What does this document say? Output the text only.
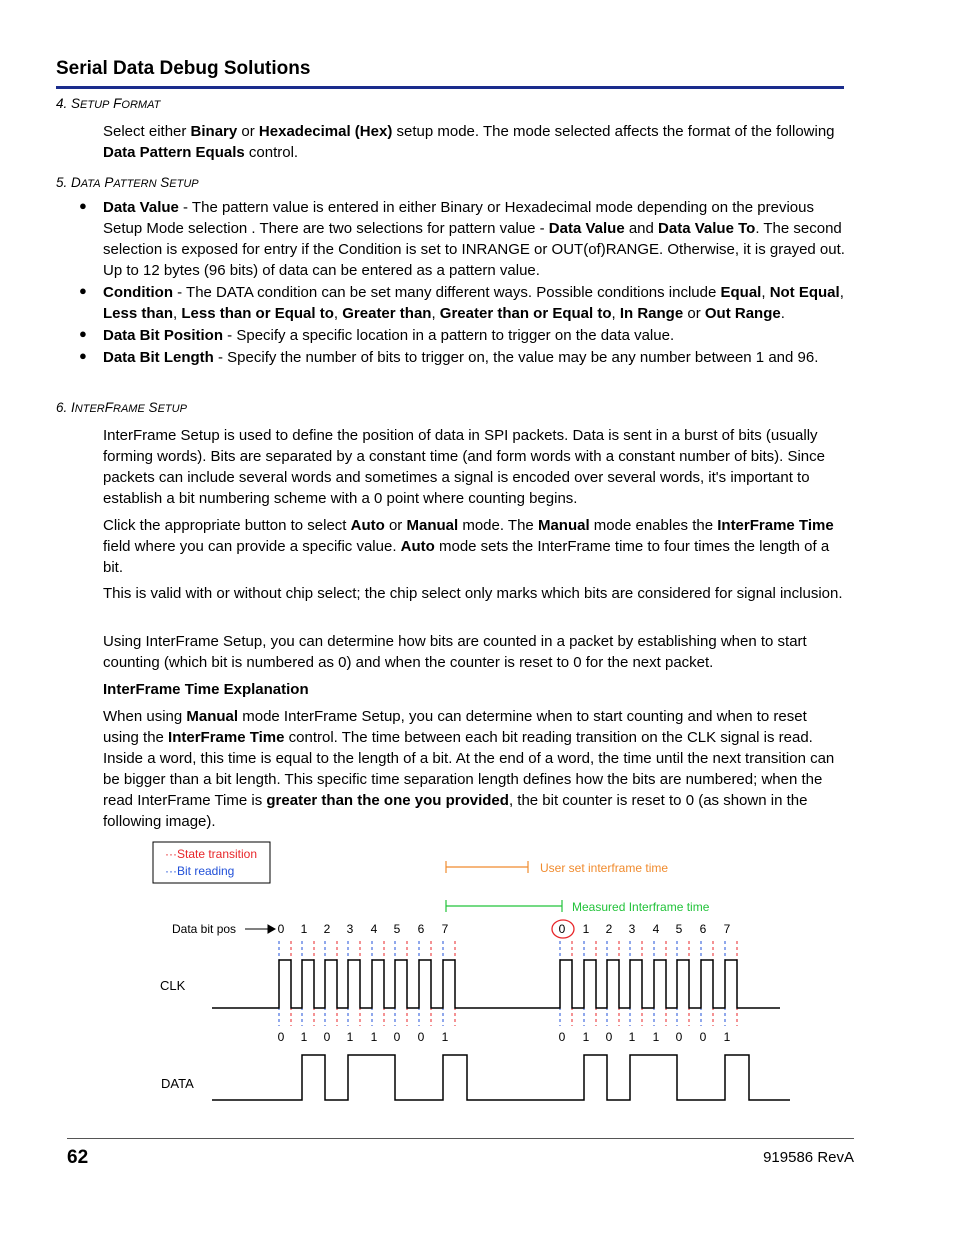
Serial Data Debug Solutions
4. SETUP FORMAT

Select either Binary or Hexadecimal (Hex) setup mode. The mode selected affects the format of the following Data Pattern Equals control.

5. DATA PATTERN SETUP
● Data Value - The pattern value is entered in either Binary or Hexadecimal mode depending on the previous Setup Mode selection . There are two selections for pattern value - Data Value and Data Value To. The second selection is exposed for entry if the Condition is set to INRANGE or OUT(of)RANGE. Otherwise, it is grayed out. Up to 12 bytes (96 bits) of data can be entered as a pattern value.

● Condition - The DATA condition can be set many different ways. Possible conditions include Equal, Not Equal, Less than, Less than or Equal to, Greater than, Greater than or Equal to, In Range or Out Range.

● Data Bit Position - Specify a specific location in a pattern to trigger on the data value.

● Data Bit Length - Specify the number of bits to trigger on, the value may be any number between 1 and 96.

6. INTERFRAME SETUP

InterFrame Setup is used to define the position of data in SPI packets. Data is sent in a burst of bits (usually forming words). Bits are separated by a constant time (and form words with a constant number of bits). Since packets can include several words and sometimes a signal is encoded over several words, it's important to establish a bit numbering scheme with a 0 point where counting begins.

Click the appropriate button to select Auto or Manual mode. The Manual mode enables the InterFrame Time field where you can provide a specific value. Auto mode sets the InterFrame time to four times the length of a bit.

This is valid with or without chip select; the chip select only marks which bits are considered for signal inclusion.

Using InterFrame Setup, you can determine how bits are counted in a packet by establishing when to start counting (which bit is numbered as 0) and when the counter is reset to 0 for the next packet.

InterFrame Time Explanation

When using Manual mode InterFrame Setup, you can determine when to start counting and when to reset using the InterFrame Time control. The time between each bit reading transition on the CLK signal is read. Inside a word, this time is equal to the length of a bit. At the end of a word, the time until the next transition can be bigger than a bit length. This specific time separation length defines how the bits are numbered; when the read InterFrame Time is greater than the one you provided, the bit counter is reset to 0 (as shown in the following image).

···State transition
···Bit reading	User set interframe time
Measured Interframe time
Data bit pos
CLK
DATA
0
0
1
1
2
0
3
1
4
1
5
0
6
0
7
1
0
0
1
1
2
0
3
1
4
1
5
0
6
0
7
1
62	919586 RevA
